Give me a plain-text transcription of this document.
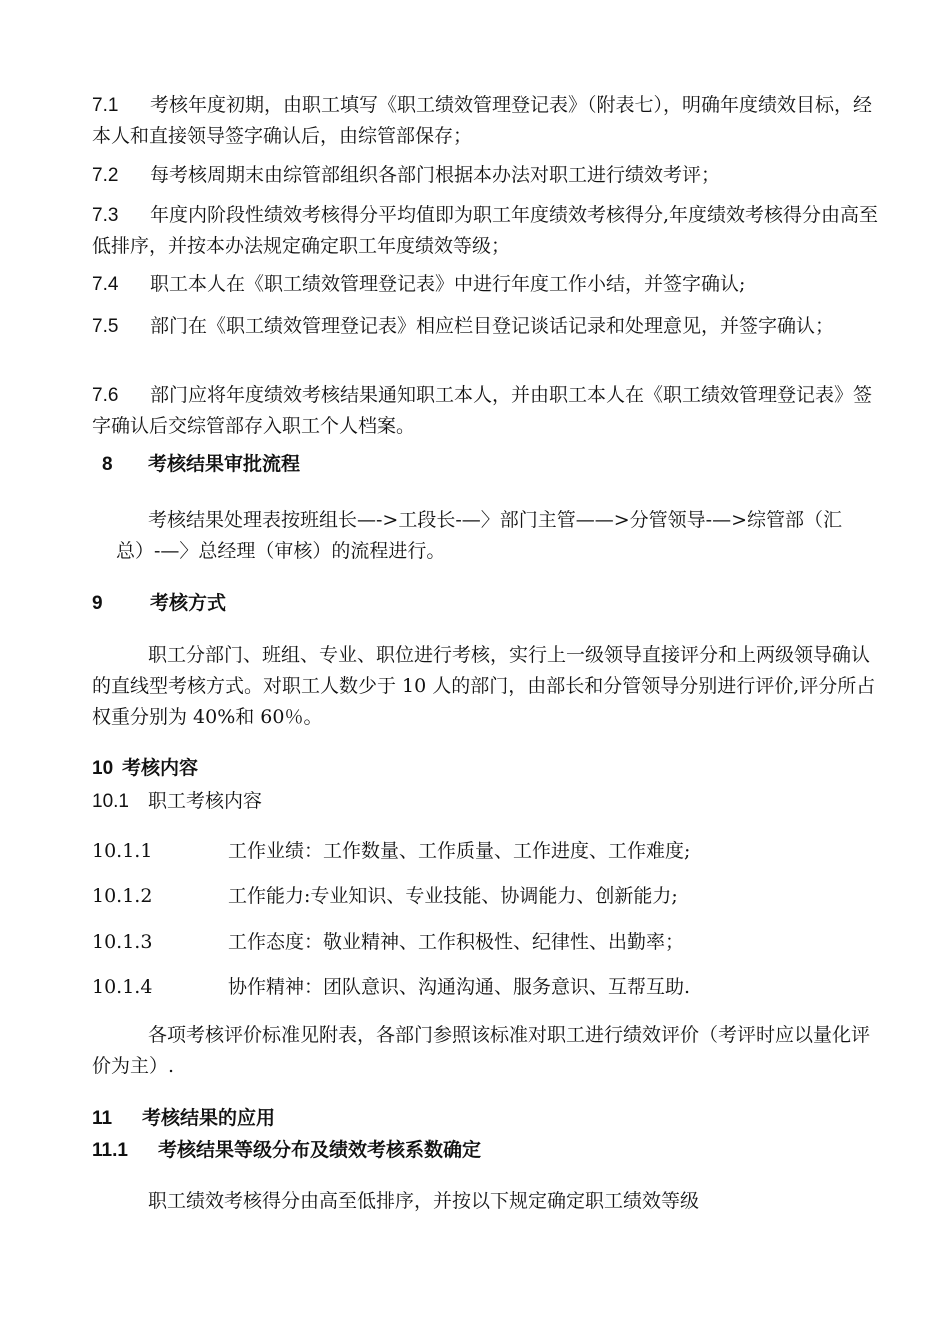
7.1 考核年度初期，由职工填写《职工绩效管理登记表》（附表七），明确年度绩效目标，经本人和直接领导签字确认后，由综管部保存；

7.2 每考核周期末由综管部组织各部门根据本办法对职工进行绩效考评；

7.3 年度内阶段性绩效考核得分平均值即为职工年度绩效考核得分,年度绩效考核得分由高至低排序，并按本办法规定确定职工年度绩效等级；

7.4 职工本人在《职工绩效管理登记表》中进行年度工作小结，并签字确认;

7.5 部门在《职工绩效管理登记表》相应栏目登记谈话记录和处理意见，并签字确认；

7.6 部门应将年度绩效考核结果通知职工本人，并由职工本人在《职工绩效管理登记表》签字确认后交综管部存入职工个人档案。

8 考核结果审批流程

考核结果处理表按班组长—->工段长-—〉部门主管——>分管领导-—>综管部（汇总）-—〉总经理（审核）的流程进行。

9 考核方式

职工分部门、班组、专业、职位进行考核，实行上一级领导直接评分和上两级领导确认的直线型考核方式。对职工人数少于 10 人的部门，由部长和分管领导分别进行评价,评分所占权重分别为 40%和 60％。

10 考核内容

10.1 职工考核内容

10.1.1	工作业绩：工作数量、工作质量、工作进度、工作难度;

10.1.2	工作能力:专业知识、专业技能、协调能力、创新能力;

10.1.3	工作态度：敬业精神、工作积极性、纪律性、出勤率；

10.1.4	协作精神：团队意识、沟通沟通、服务意识、互帮互助.

各项考核评价标准见附表，各部门参照该标准对职工进行绩效评价（考评时应以量化评价为主）.

11 考核结果的应用

11.1 考核结果等级分布及绩效考核系数确定

职工绩效考核得分由高至低排序，并按以下规定确定职工绩效等级
